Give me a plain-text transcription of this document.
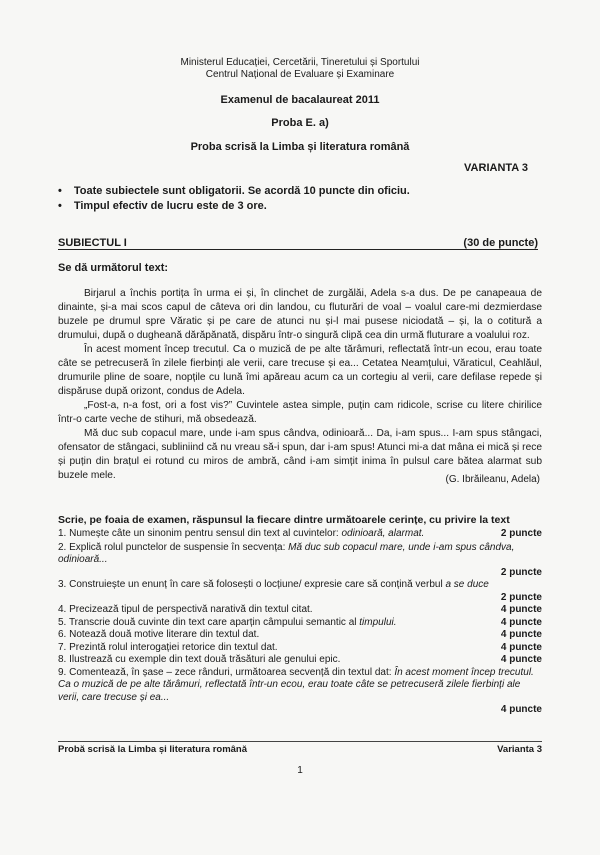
Ministerul Educației, Cercetării, Tineretului și Sportului
Centrul Național de Evaluare și Examinare
Examenul de bacalaureat 2011
Proba E. a)
Proba scrisă la Limba și literatura română
VARIANTA 3
• Toate subiectele sunt obligatorii. Se acordă 10 puncte din oficiu.
• Timpul efectiv de lucru este de 3 ore.
SUBIECTUL I	(30 de puncte)
Se dă următorul text:

Birjarul a închis portița în urma ei și, în clinchet de zurgălăi, Adela s-a dus. De pe canapeaua de dinainte, și-a mai scos capul de câteva ori din landou, cu fluturări de voal – voalul care-mi dezmierdase buzele pe drumul spre Văratic și pe care de atunci nu și-l mai pusese niciodată – și, la o cotitură a drumului, după o dugheană dărăpănată, dispăru într-o singură clipă cea din urmă fluturare a voalului roz.

În acest moment încep trecutul. Ca o muzică de pe alte tărâmuri, reflectată într-un ecou, erau toate câte se petrecuseră în zilele fierbinți ale verii, care trecuse și ea... Cetatea Neamțului, Văraticul, Ceahlăul, drumurile pline de soare, nopțile cu lună îmi apăreau acum ca un cortegiu al verii, care defilase repede și dispăruse după orizont, condus de Adela.

„Fost-a, n-a fost, ori a fost vis?” Cuvintele astea simple, puțin cam ridicole, scrise cu litere chirilice într-o carte veche de stihuri, mă obsedează.

Mă duc sub copacul mare, unde i-am spus cândva, odinioară... Da, i-am spus... I-am spus stângaci, ofensator de stângaci, subliniind că nu vreau să-i spun, dar i-am spus! Atunci mi-a dat mâna ei mică și rece și puțin din brațul ei rotund cu miros de ambră, când i-am simțit inima în pulsul care bătea alarmat sub buzele mele.	(G. Ibrăileanu, Adela)
Scrie, pe foaia de examen, răspunsul la fiecare dintre următoarele cerințe, cu privire la text
1. Numește câte un sinonim pentru sensul din text al cuvintelor: odinioară, alarmat.	2 puncte
2. Explică rolul punctelor de suspensie în secvența: Mă duc sub copacul mare, unde i-am spus cândva, odinioară...
2 puncte
3. Construiește un enunț în care să folosești o locțiune/ expresie care să conțină verbul a se duce
2 puncte
4. Precizează tipul de perspectivă narativă din textul citat.	4 puncte
5. Transcrie două cuvinte din text care aparțin câmpului semantic al timpului.	4 puncte
6. Notează două motive literare din textul dat.	4 puncte
7. Prezintă rolul interogației retorice din textul dat.	4 puncte
8. Ilustrează cu exemple din text două trăsături ale genului epic.	4 puncte
9. Comentează, în șase – zece rânduri, următoarea secvență din textul dat: În acest moment încep trecutul. Ca o muzică de pe alte tărâmuri, reflectată într-un ecou, erau toate câte se petrecuseră zilele fierbinți ale verii, care trecuse și ea...
4 puncte
Probă scrisă la Limba și literatura română	Varianta 3
1
